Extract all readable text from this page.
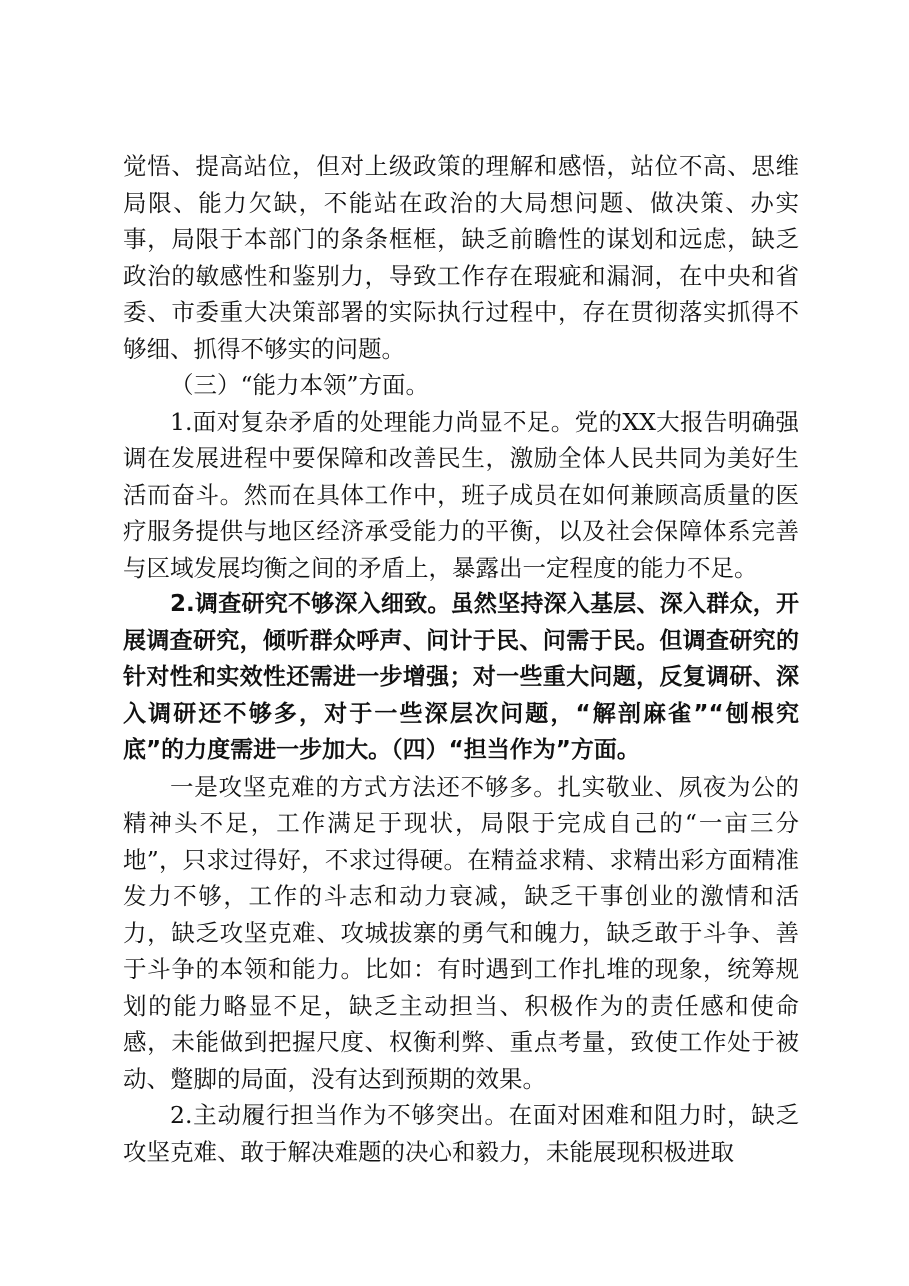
觉悟、提高站位，但对上级政策的理解和感悟，站位不高、思维局限、能力欠缺，不能站在政治的大局想问题、做决策、办实事，局限于本部门的条条框框，缺乏前瞻性的谋划和远虑，缺乏政治的敏感性和鉴别力，导致工作存在瑕疵和漏洞，在中央和省委、市委重大决策部署的实际执行过程中，存在贯彻落实抓得不够细、抓得不够实的问题。

（三）“能力本领”方面。

1.面对复杂矛盾的处理能力尚显不足。党的XX大报告明确强调在发展进程中要保障和改善民生，激励全体人民共同为美好生活而奋斗。然而在具体工作中，班子成员在如何兼顾高质量的医疗服务提供与地区经济承受能力的平衡，以及社会保障体系完善与区域发展均衡之间的矛盾上，暴露出一定程度的能力不足。

2.调查研究不够深入细致。虽然坚持深入基层、深入群众，开展调查研究，倾听群众呼声、问计于民、问需于民。但调查研究的针对性和实效性还需进一步增强；对一些重大问题，反复调研、深入调研还不够多，对于一些深层次问题，“解剖麻雀”“刨根究底”的力度需进一步加大。（四）“担当作为”方面。

一是攻坚克难的方式方法还不够多。扎实敬业、夙夜为公的精神头不足，工作满足于现状，局限于完成自己的“一亩三分地”，只求过得好，不求过得硬。在精益求精、求精出彩方面精准发力不够，工作的斗志和动力衰减，缺乏干事创业的激情和活力，缺乏攻坚克难、攻城拔寨的勇气和魄力，缺乏敢于斗争、善于斗争的本领和能力。比如：有时遇到工作扎堆的现象，统筹规划的能力略显不足，缺乏主动担当、积极作为的责任感和使命感，未能做到把握尺度、权衡利弊、重点考量，致使工作处于被动、蹩脚的局面，没有达到预期的效果。

2.主动履行担当作为不够突出。在面对困难和阻力时，缺乏攻坚克难、敢于解决难题的决心和毅力，未能展现积极进取
